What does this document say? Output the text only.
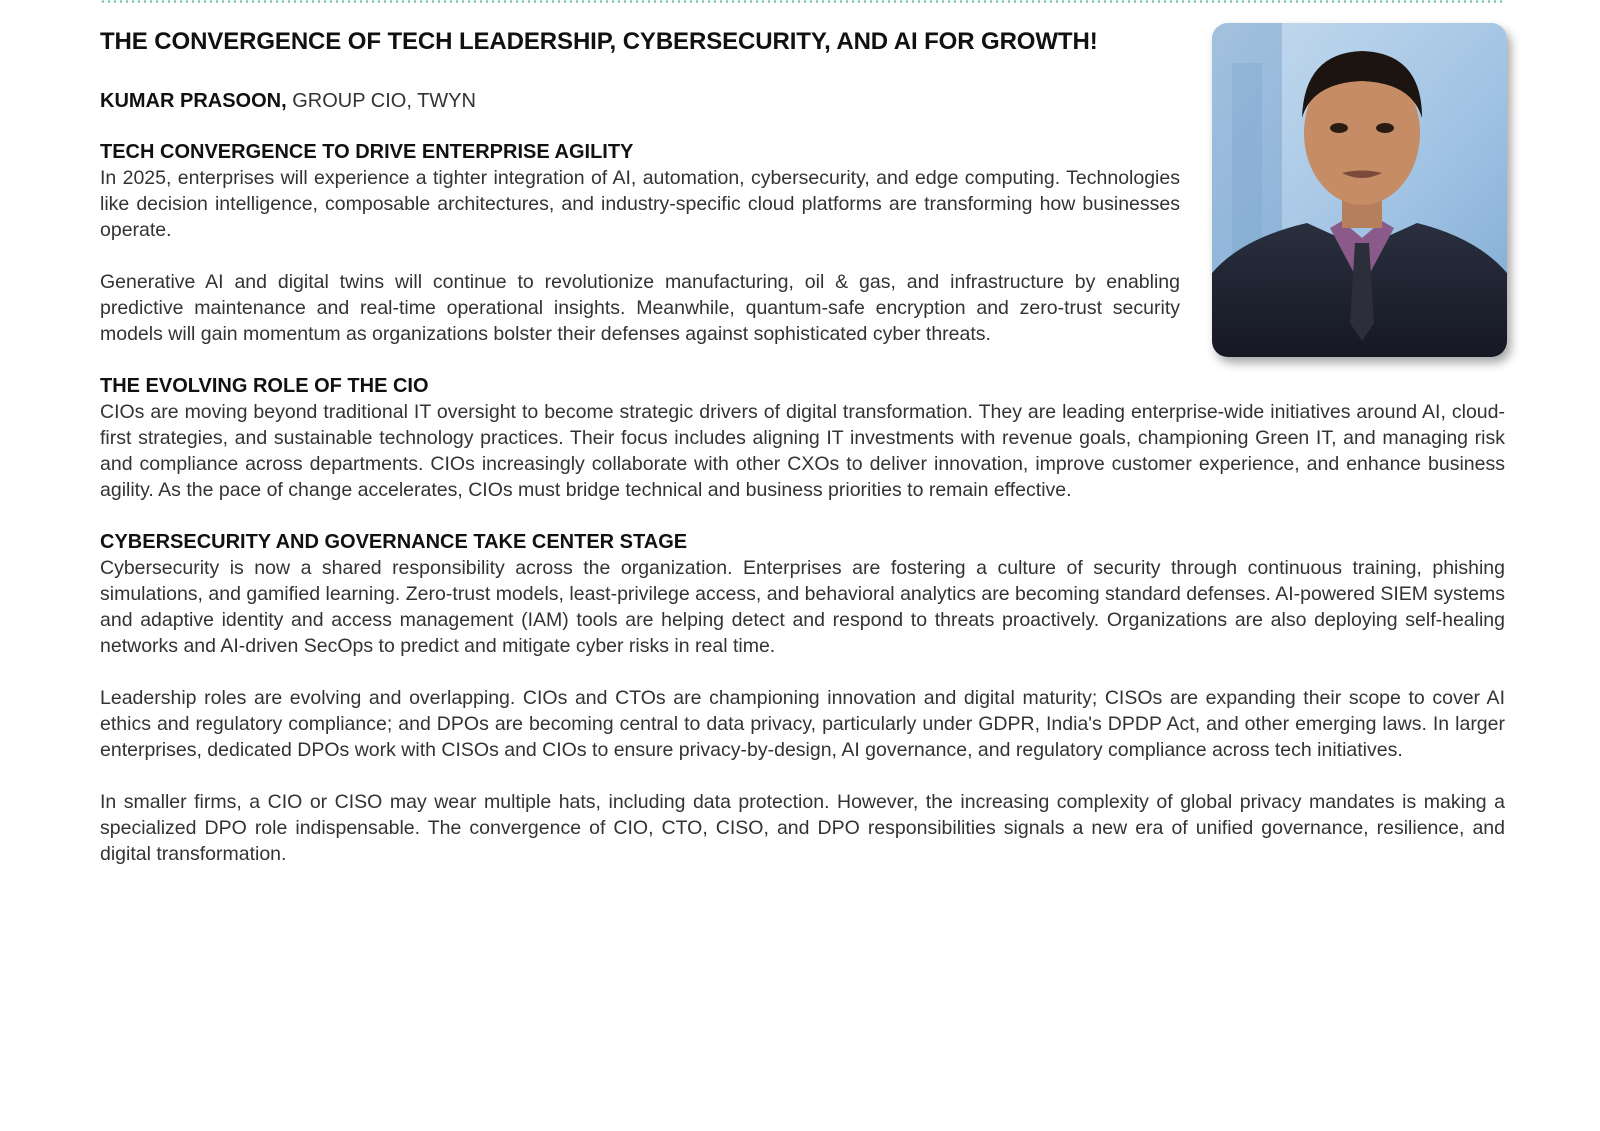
THE CONVERGENCE OF TECH LEADERSHIP, CYBERSECURITY, AND AI FOR GROWTH!

KUMAR PRASOON, GROUP CIO, TWYN

TECH CONVERGENCE TO DRIVE ENTERPRISE AGILITY

In 2025, enterprises will experience a tighter integration of AI, automation, cybersecurity, and edge computing. Technologies like decision intelligence, composable architectures, and industry-specific cloud platforms are transforming how businesses operate.

Generative AI and digital twins will continue to revolutionize manufacturing, oil & gas, and infrastructure by enabling predictive maintenance and real-time operational insights. Meanwhile, quantum-safe encryption and zero-trust security models will gain momentum as organizations bolster their defenses against sophisticated cyber threats.

THE EVOLVING ROLE OF THE CIO

CIOs are moving beyond traditional IT oversight to become strategic drivers of digital transformation. They are leading enterprise-wide initiatives around AI, cloud-first strategies, and sustainable technology practices. Their focus includes aligning IT investments with revenue goals, championing Green IT, and managing risk and compliance across departments. CIOs increasingly collaborate with other CXOs to deliver innovation, improve customer experience, and enhance business agility. As the pace of change accelerates, CIOs must bridge technical and business priorities to remain effective.

CYBERSECURITY AND GOVERNANCE TAKE CENTER STAGE

Cybersecurity is now a shared responsibility across the organization. Enterprises are fostering a culture of security through continuous training, phishing simulations, and gamified learning. Zero-trust models, least-privilege access, and behavioral analytics are becoming standard defenses. AI-powered SIEM systems and adaptive identity and access management (IAM) tools are helping detect and respond to threats proactively. Organizations are also deploying self-healing networks and AI-driven SecOps to predict and mitigate cyber risks in real time.

Leadership roles are evolving and overlapping. CIOs and CTOs are championing innovation and digital maturity; CISOs are expanding their scope to cover AI ethics and regulatory compliance; and DPOs are becoming central to data privacy, particularly under GDPR, India's DPDP Act, and other emerging laws. In larger enterprises, dedicated DPOs work with CISOs and CIOs to ensure privacy-by-design, AI governance, and regulatory compliance across tech initiatives.

In smaller firms, a CIO or CISO may wear multiple hats, including data protection. However, the increasing complexity of global privacy mandates is making a specialized DPO role indispensable. The convergence of CIO, CTO, CISO, and DPO responsibilities signals a new era of unified governance, resilience, and digital transformation.
